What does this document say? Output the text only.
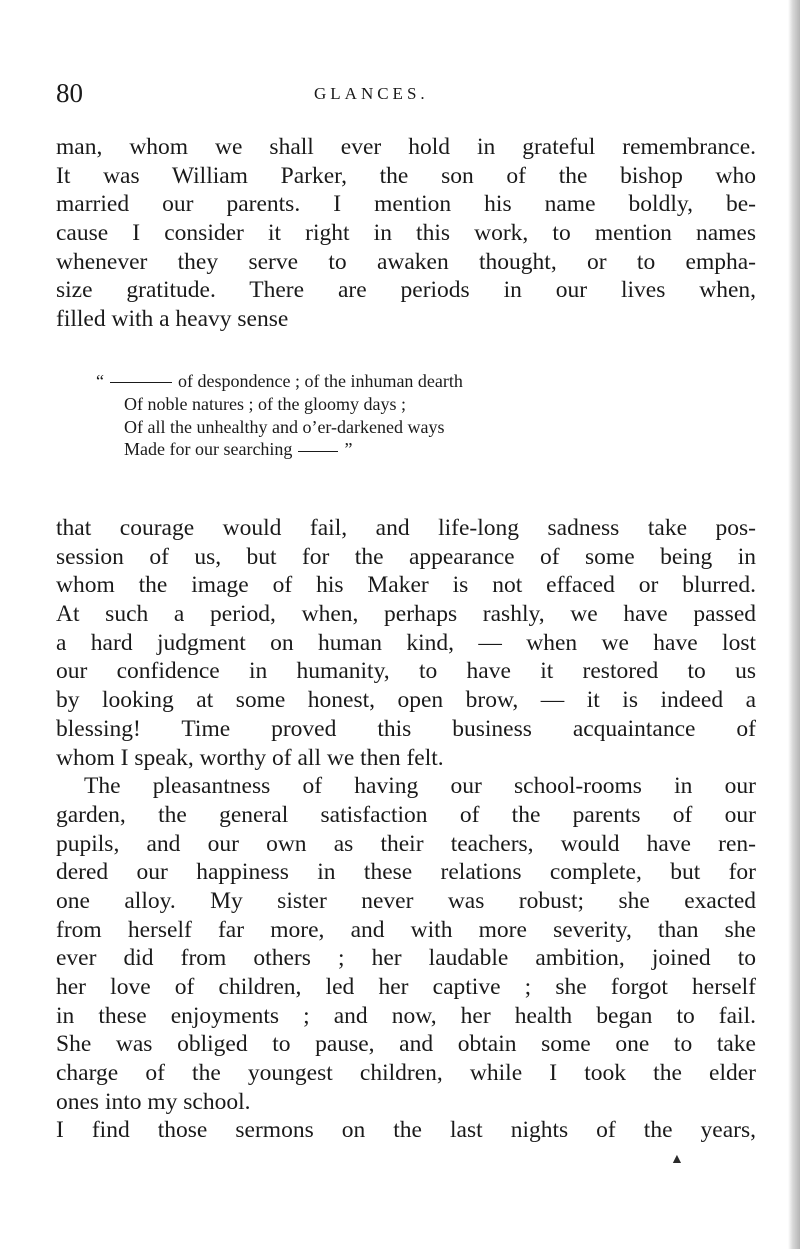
80	GLANCES.
man, whom we shall ever hold in grateful remembrance.
It was William Parker, the son of the bishop who
married our parents. I mention his name boldly, be-
cause I consider it right in this work, to mention names
whenever they serve to awaken thought, or to empha-
size gratitude. There are periods in our lives when,
filled with a heavy sense
“	of despondence ; of the inhuman dearth
Of noble natures ; of the gloomy days ;
Of all the unhealthy and o’er-darkened ways
Made for our searching	”
that courage would fail, and life-long sadness take pos-
session of us, but for the appearance of some being in
whom the image of his Maker is not effaced or blurred.
At such a period, when, perhaps rashly, we have passed
a hard judgment on human kind, — when we have lost
our confidence in humanity, to have it restored to us
by looking at some honest, open brow, — it is indeed a
blessing! Time proved this business acquaintance of
whom I speak, worthy of all we then felt.
The pleasantness of having our school-rooms in our
garden, the general satisfaction of the parents of our
pupils, and our own as their teachers, would have ren-
dered our happiness in these relations complete, but for
one alloy. My sister never was robust; she exacted
from herself far more, and with more severity, than she
ever did from others ; her laudable ambition, joined to
her love of children, led her captive ; she forgot herself
in these enjoyments ; and now, her health began to fail.
She was obliged to pause, and obtain some one to take
charge of the youngest children, while I took the elder
ones into my school.
I find those sermons on the last nights of the years,
▲
